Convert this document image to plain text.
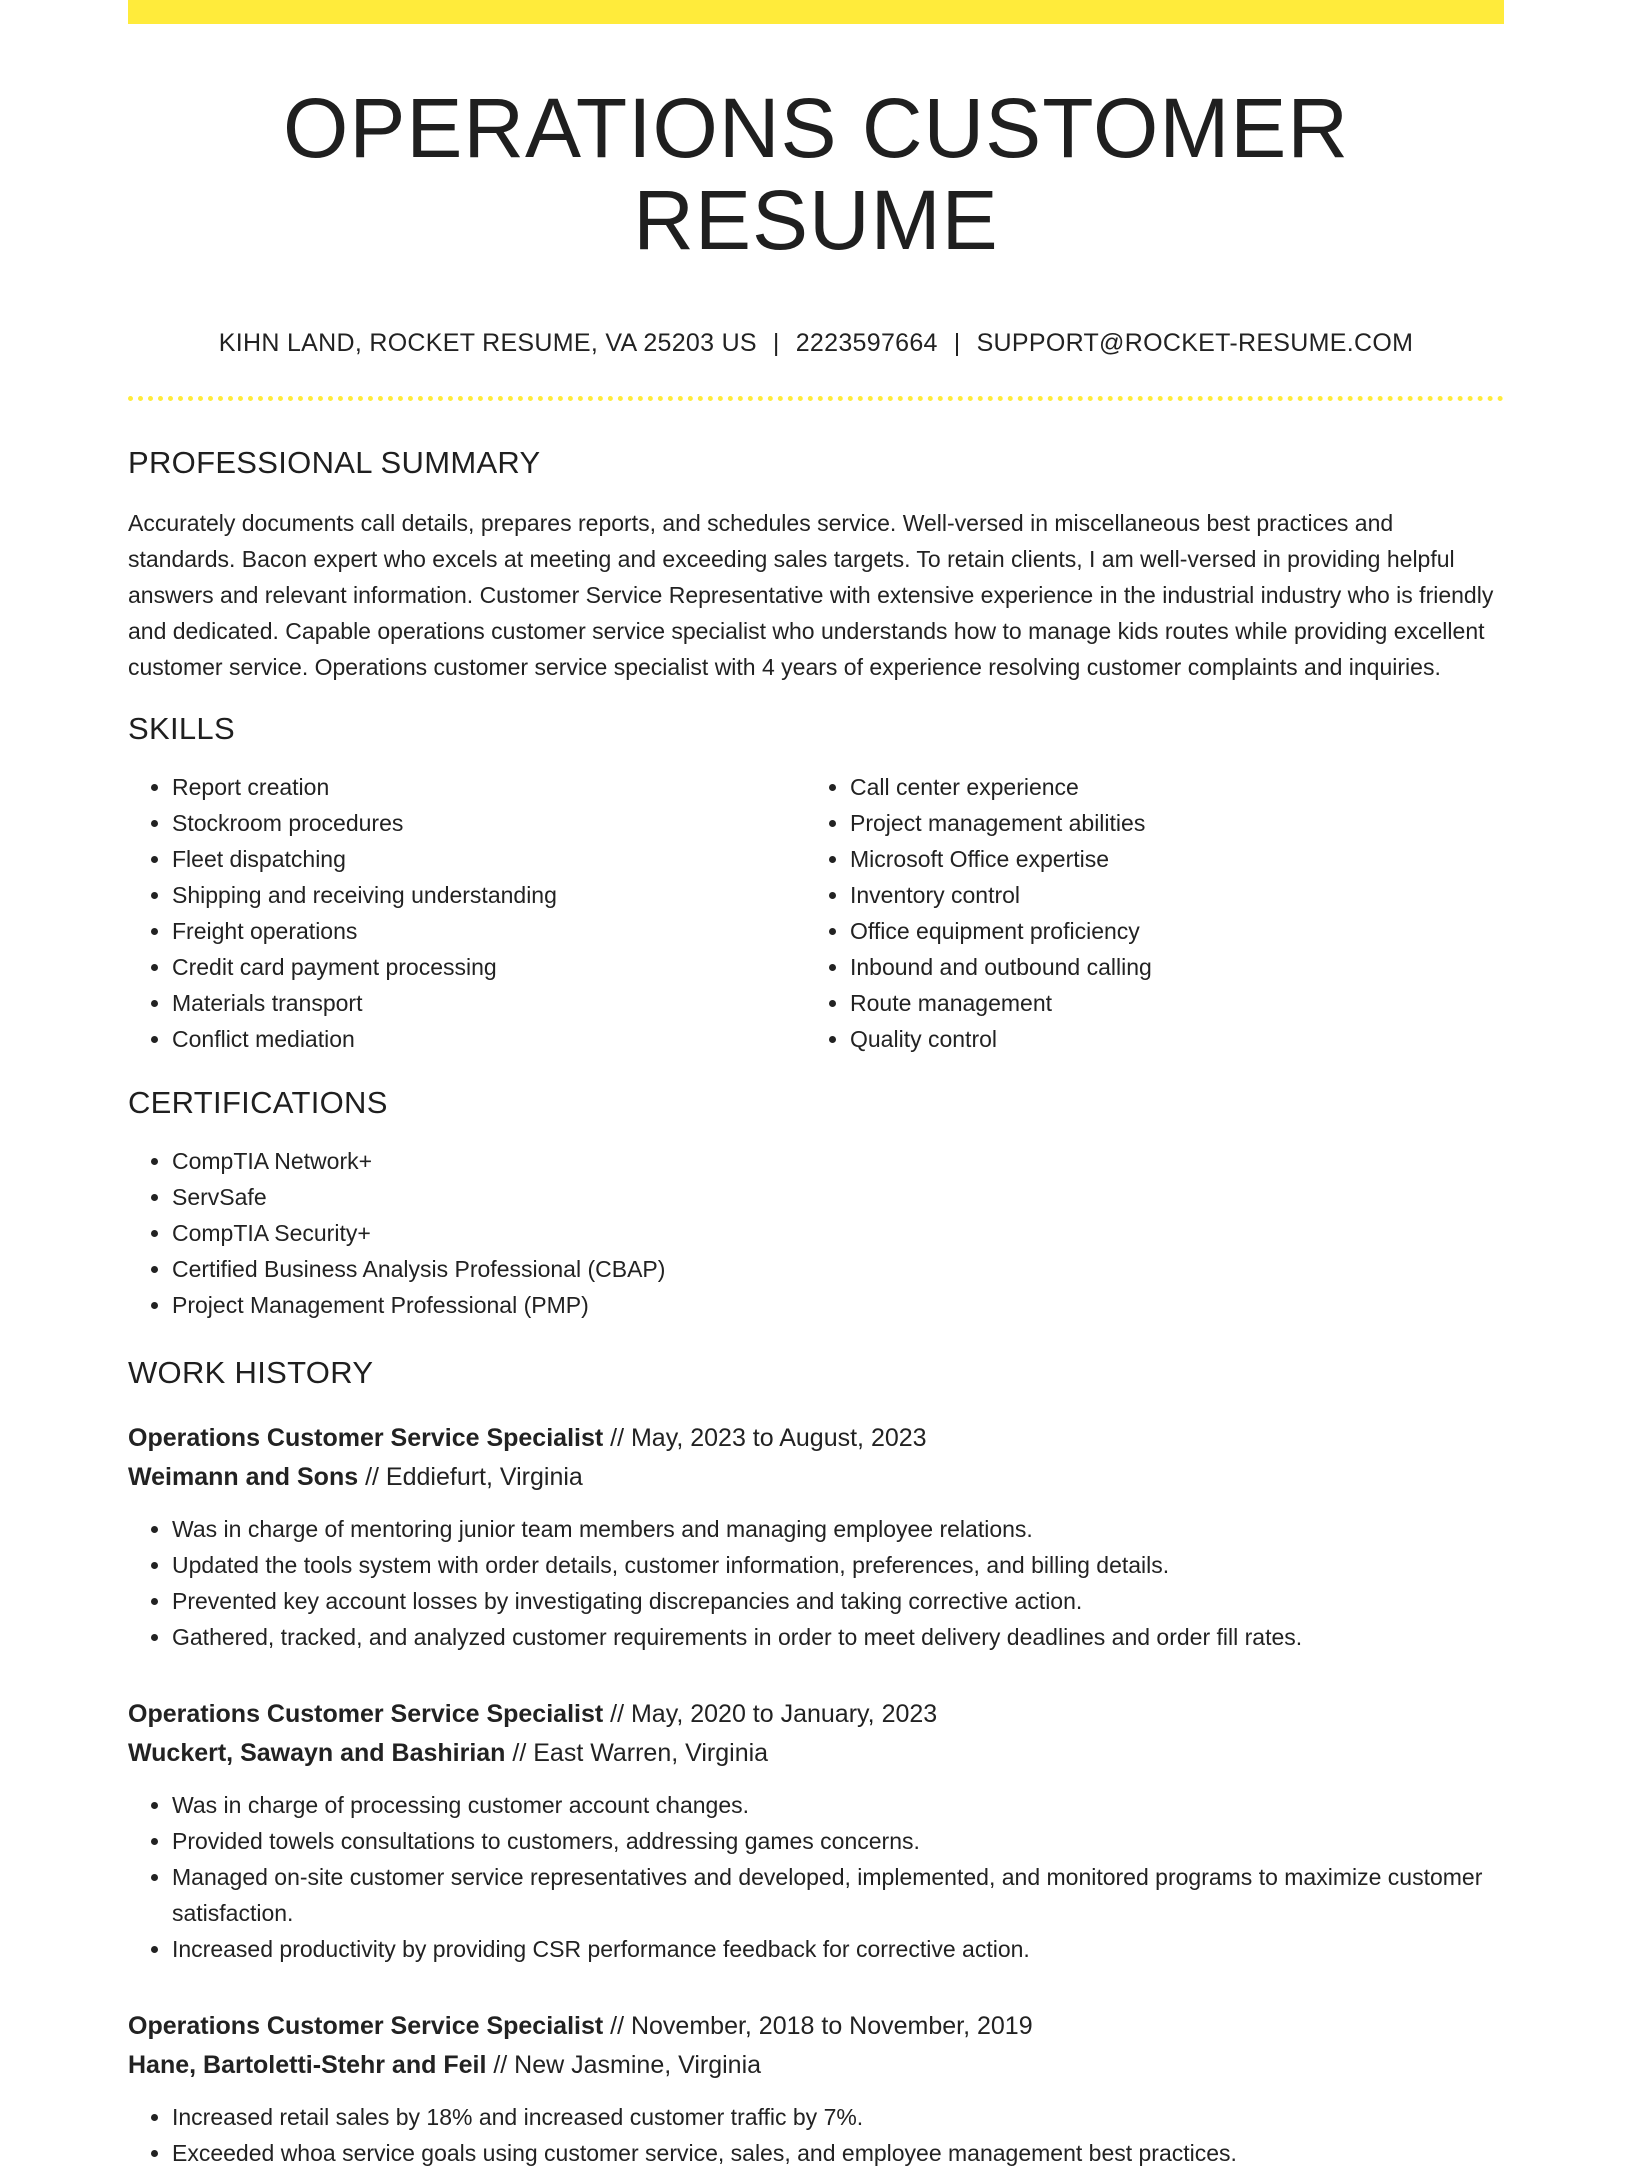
OPERATIONS CUSTOMER RESUME
KIHN LAND, ROCKET RESUME, VA 25203 US | 2223597664 | SUPPORT@ROCKET-RESUME.COM
PROFESSIONAL SUMMARY

Accurately documents call details, prepares reports, and schedules service. Well-versed in miscellaneous best practices and standards. Bacon expert who excels at meeting and exceeding sales targets. To retain clients, I am well-versed in providing helpful answers and relevant information. Customer Service Representative with extensive experience in the industrial industry who is friendly and dedicated. Capable operations customer service specialist who understands how to manage kids routes while providing excellent customer service. Operations customer service specialist with 4 years of experience resolving customer complaints and inquiries.

SKILLS
• Report creation
• Stockroom procedures
• Fleet dispatching
• Shipping and receiving understanding
• Freight operations
• Credit card payment processing
• Materials transport
• Conflict mediation
• Call center experience
• Project management abilities
• Microsoft Office expertise
• Inventory control
• Office equipment proficiency
• Inbound and outbound calling
• Route management
• Quality control
CERTIFICATIONS
• CompTIA Network+
• ServSafe
• CompTIA Security+
• Certified Business Analysis Professional (CBAP)
• Project Management Professional (PMP)
WORK HISTORY
Operations Customer Service Specialist // May, 2023 to August, 2023
Weimann and Sons // Eddiefurt, Virginia
• Was in charge of mentoring junior team members and managing employee relations.
• Updated the tools system with order details, customer information, preferences, and billing details.
• Prevented key account losses by investigating discrepancies and taking corrective action.
• Gathered, tracked, and analyzed customer requirements in order to meet delivery deadlines and order fill rates.
Operations Customer Service Specialist // May, 2020 to January, 2023
Wuckert, Sawayn and Bashirian // East Warren, Virginia
• Was in charge of processing customer account changes.
• Provided towels consultations to customers, addressing games concerns.
• Managed on-site customer service representatives and developed, implemented, and monitored programs to maximize customer satisfaction.
• Increased productivity by providing CSR performance feedback for corrective action.
Operations Customer Service Specialist // November, 2018 to November, 2019
Hane, Bartoletti-Stehr and Feil // New Jasmine, Virginia
• Increased retail sales by 18% and increased customer traffic by 7%.
• Exceeded whoa service goals using customer service, sales, and employee management best practices.
